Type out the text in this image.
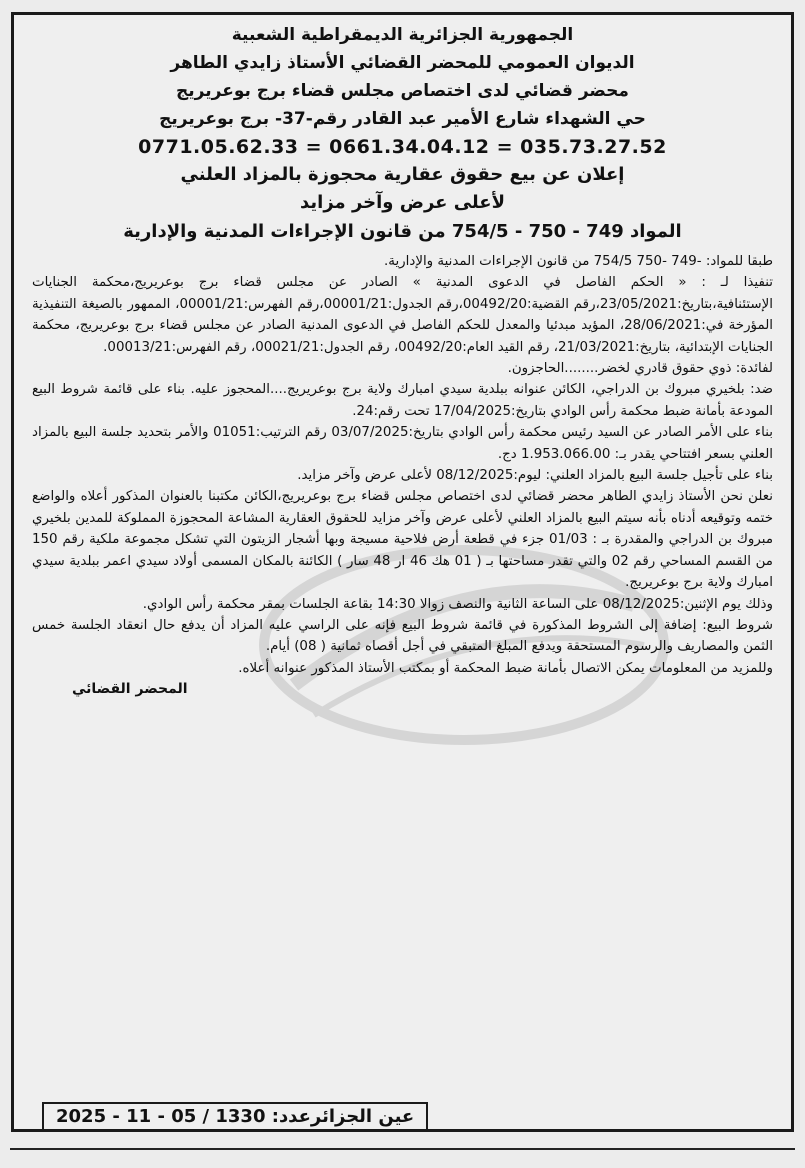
الجمهورية الجزائرية الديمقراطية الشعبية
الديوان العمومي للمحضر القضائي الأستاذ زايدي الطاهر
محضر قضائي لدى اختصاص مجلس قضاء برج بوعريريج
حي الشهداء شارع الأمير عبد القادر رقم-37- برج بوعريريج
0771.05.62.33 = 0661.34.04.12 = 035.73.27.52
إعلان عن بيع حقوق عقارية محجوزة بالمزاد العلني
لأعلى عرض وآخر مزايد
المواد 749 - 750 - 754/5 من قانون الإجراءات المدنية والإدارية

طبقا للمواد: -749 -750 754/5 من قانون الإجراءات المدنية والإدارية.

تنفيذا لـ : « الحكم الفاصل في الدعوى المدنية » الصادر عن مجلس قضاء برج بوعريريج،محكمة الجنايات الإستئنافية،بتاريخ:23/05/2021،رقم القضية:00492/20،رقم الجدول:00001/21،رقم الفهرس:00001/21، الممهور بالصيغة التنفيذية المؤرخة في:28/06/2021، المؤيد مبدئيا والمعدل للحكم الفاصل في الدعوى المدنية الصادر عن مجلس قضاء برج بوعريريج، محكمة الجنايات الإبتدائية، بتاريخ:21/03/2021، رقم القيد العام:00492/20، رقم الجدول:00021/21، رقم الفهرس:00013/21.

لفائدة: ذوي حقوق قادري لخضر........الحاجزون.

ضد: بلخيري مبروك بن الدراجي، الكائن عنوانه ببلدية سيدي امبارك ولاية برج بوعريريج....المحجوز عليه. بناء على قائمة شروط البيع المودعة بأمانة ضبط محكمة رأس الوادي بتاريخ:17/04/2025 تحت رقم:24.

بناء على الأمر الصادر عن السيد رئيس محكمة رأس الوادي بتاريخ:03/07/2025 رقم الترتيب:01051 والأمر بتحديد جلسة البيع بالمزاد العلني بسعر افتتاحي يقدر بـ: 1.953.066.00 دج.

بناء على تأجيل جلسة البيع بالمزاد العلني: ليوم:08/12/2025 لأعلى عرض وآخر مزايد.

نعلن نحن الأستاذ زايدي الطاهر محضر قضائي لدى اختصاص مجلس قضاء برج بوعريريج،الكائن مكتبنا بالعنوان المذكور أعلاه والواضع ختمه وتوقيعه أدناه بأنه سيتم البيع بالمزاد العلني لأعلى عرض وآخر مزايد للحقوق العقارية المشاعة المحجوزة المملوكة للمدين بلخيري مبروك بن الدراجي والمقدرة بـ : 01/03 جزء في قطعة أرض فلاحية مسيجة وبها أشجار الزيتون التي تشكل مجموعة ملكية رقم 150 من القسم المساحي رقم 02 والتي تقدر مساحتها بـ ( 01 هك 46 ار 48 سار ) الكائنة بالمكان المسمى أولاد سيدي اعمر ببلدية سيدي امبارك ولاية برج بوعريريج.

وذلك يوم الإثنين:08/12/2025 على الساعة الثانية والنصف زوالا 14:30 بقاعة الجلسات بمقر محكمة رأس الوادي.

شروط البيع: إضافة إلى الشروط المذكورة في قائمة شروط البيع فإنه على الراسي عليه المزاد أن يدفع حال انعقاد الجلسة خمس الثمن والمصاريف والرسوم المستحقة ويدفع المبلغ المتبقي في أجل أقصاه ثمانية ( 08) أيام.

وللمزيد من المعلومات يمكن الاتصال بأمانة ضبط المحكمة أو بمكتب الأستاذ المذكور عنوانه أعلاه.

المحضر القضائي
عين الجزائرعدد: 1330 / 05 - 11 - 2025
